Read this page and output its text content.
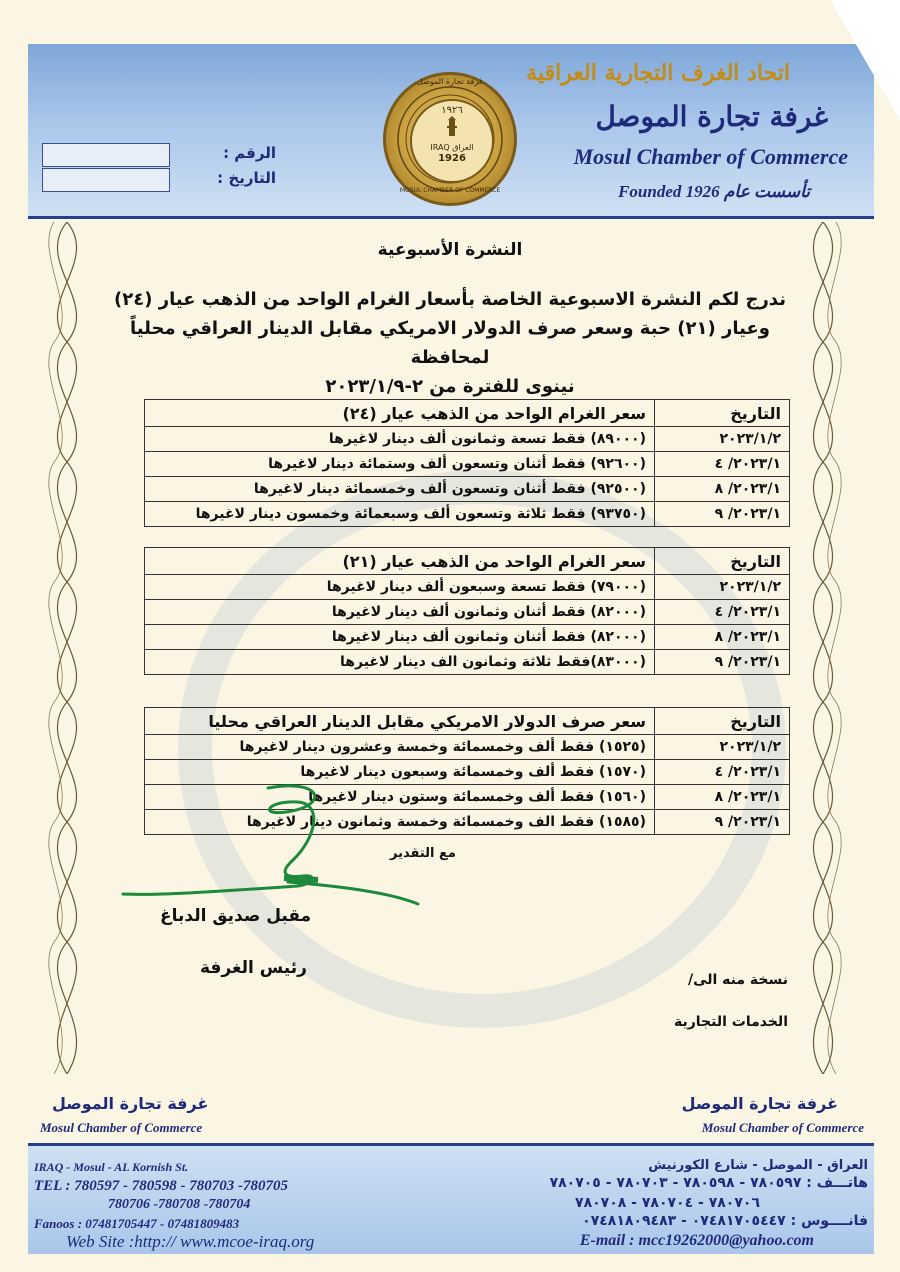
اتحاد الغرف التجارية العراقية
غرفة تجارة الموصل
Mosul Chamber of Commerce
Founded 1926 تأسست عام
١٩٢٦
IRAQ العراق
1926
غرفة تجارة الموصل
MOSUL CHAMBER OF COMMERCE
الرقم :
التاريخ :
النشرة الأسبوعية
ندرج لكم النشرة الاسبوعية الخاصة بأسعار الغرام الواحد من الذهب عيار (٢٤)
وعيار (٢١) حبة وسعر صرف الدولار الامريكي مقابل الدينار العراقي محلياً لمحافظة
نينوى للفترة من ٢-٢٠٢٣/١/٩
التاريخ	سعر الغرام الواحد من الذهب عيار (٢٤)
٢٠٢٣/١/٢	(٨٩٠٠٠) فقط تسعة وثمانون ألف دينار لاغيرها
٢٠٢٣/١/ ٤	(٩٢٦٠٠) فقط أثنان وتسعون ألف وستمائة دينار لاغيرها
٢٠٢٣/١/ ٨	(٩٢٥٠٠) فقط أثنان وتسعون ألف وخمسمائة دينار لاغيرها
٢٠٢٣/١/ ٩	(٩٣٧٥٠) فقط ثلاثة وتسعون ألف وسبعمائة وخمسون دينار لاغيرها
التاريخ	سعر الغرام الواحد من الذهب عيار (٢١)
٢٠٢٣/١/٢	(٧٩٠٠٠) فقط تسعة وسبعون ألف دينار لاغيرها
٢٠٢٣/١/ ٤	(٨٢٠٠٠) فقط أثنان وثمانون ألف دينار لاغيرها
٢٠٢٣/١/ ٨	(٨٢٠٠٠) فقط أثنان وثمانون ألف دينار لاغيرها
٢٠٢٣/١/ ٩	(٨٣٠٠٠)فقط ثلاثة وثمانون الف دينار لاغيرها
التاريخ	سعر صرف الدولار الامريكي مقابل الدينار العراقي محليا
٢٠٢٣/١/٢	(١٥٢٥) فقط ألف وخمسمائة وخمسة وعشرون دينار لاغيرها
٢٠٢٣/١/ ٤	(١٥٧٠) فقط ألف وخمسمائة وسبعون دينار لاغيرها
٢٠٢٣/١/ ٨	(١٥٦٠) فقط ألف وخمسمائة وستون دينار لاغيرها
٢٠٢٣/١/ ٩	(١٥٨٥) فقط الف وخمسمائة وخمسة وثمانون دينار لاغيرها
مع التقدير
مقبل صديق الدباغ
رئيس الغرفة
نسخة منه الى/
الخدمات التجارية
غرفة تجارة الموصل
Mosul Chamber of Commerce
غرفة تجارة الموصل
Mosul Chamber of Commerce
IRAQ - Mosul - AL Kornish St.
TEL : 780597 - 780598 - 780703 -780705
780706 -780708 -780704
Fanoos : 07481705447 - 07481809483
Web Site :http:// www.mcoe-iraq.org
العراق - الموصل - شارع الكورنيش
هاتـــف : ٧٨٠٥٩٧ - ٧٨٠٥٩٨ - ٧٨٠٧٠٣ - ٧٨٠٧٠٥
٧٨٠٧٠٦ - ٧٨٠٧٠٤ - ٧٨٠٧٠٨
فانــــوس : ٠٧٤٨١٧٠٥٤٤٧ - ٠٧٤٨١٨٠٩٤٨٣
E-mail : mcc19262000@yahoo.com
